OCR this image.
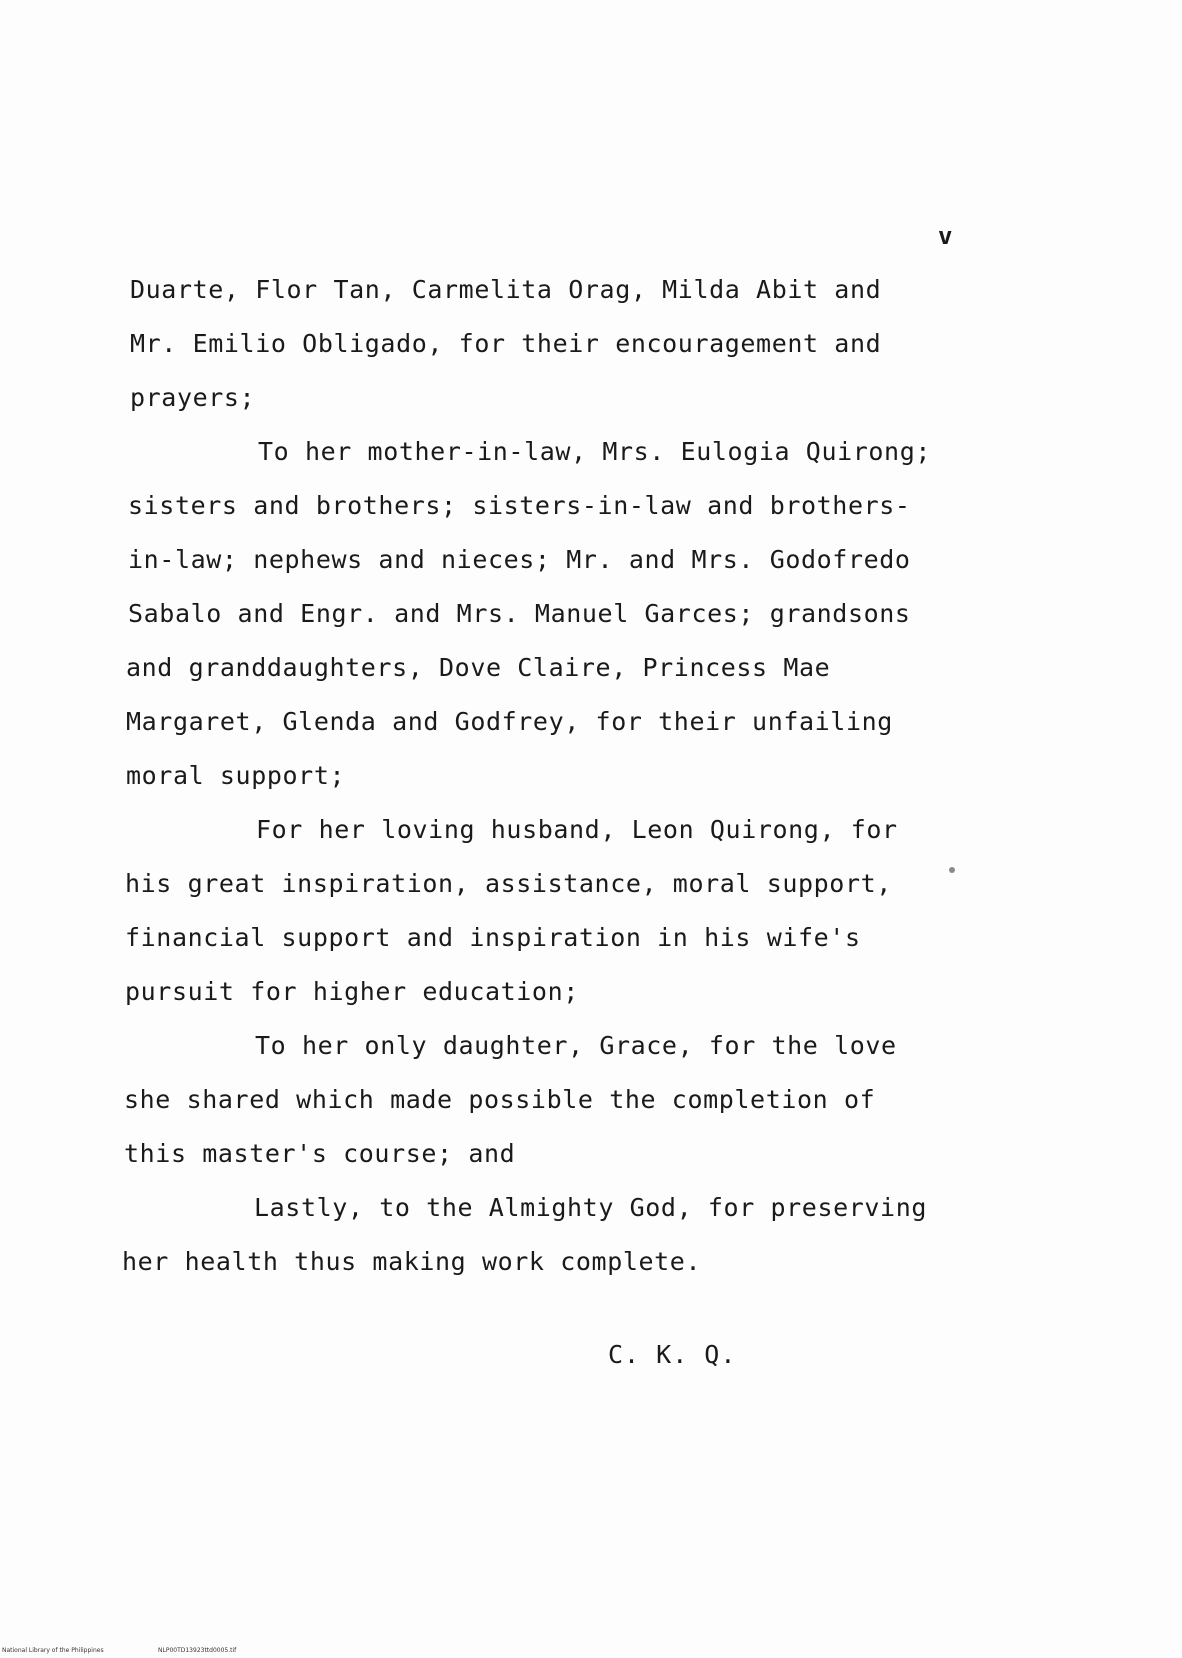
v
Duarte, Flor Tan, Carmelita Orag, Milda Abit and
Mr. Emilio Obligado, for their encouragement and
prayers;
To her mother-in-law, Mrs. Eulogia Quirong;
sisters and brothers; sisters-in-law and brothers-
in-law; nephews and nieces; Mr. and Mrs. Godofredo
Sabalo and Engr. and Mrs. Manuel Garces; grandsons
and granddaughters, Dove Claire, Princess Mae
Margaret, Glenda and Godfrey, for their unfailing
moral support;
For her loving husband, Leon Quirong, for
his great inspiration, assistance, moral support,
financial support and inspiration in his wife's
pursuit for higher education;
To her only daughter, Grace, for the love
she shared which made possible the completion of
this master's course; and
Lastly, to the Almighty God, for preserving
her health thus making work complete.
C. K. Q.
National Library of the Philippines	NLP00TD13923ttd0005.tif
